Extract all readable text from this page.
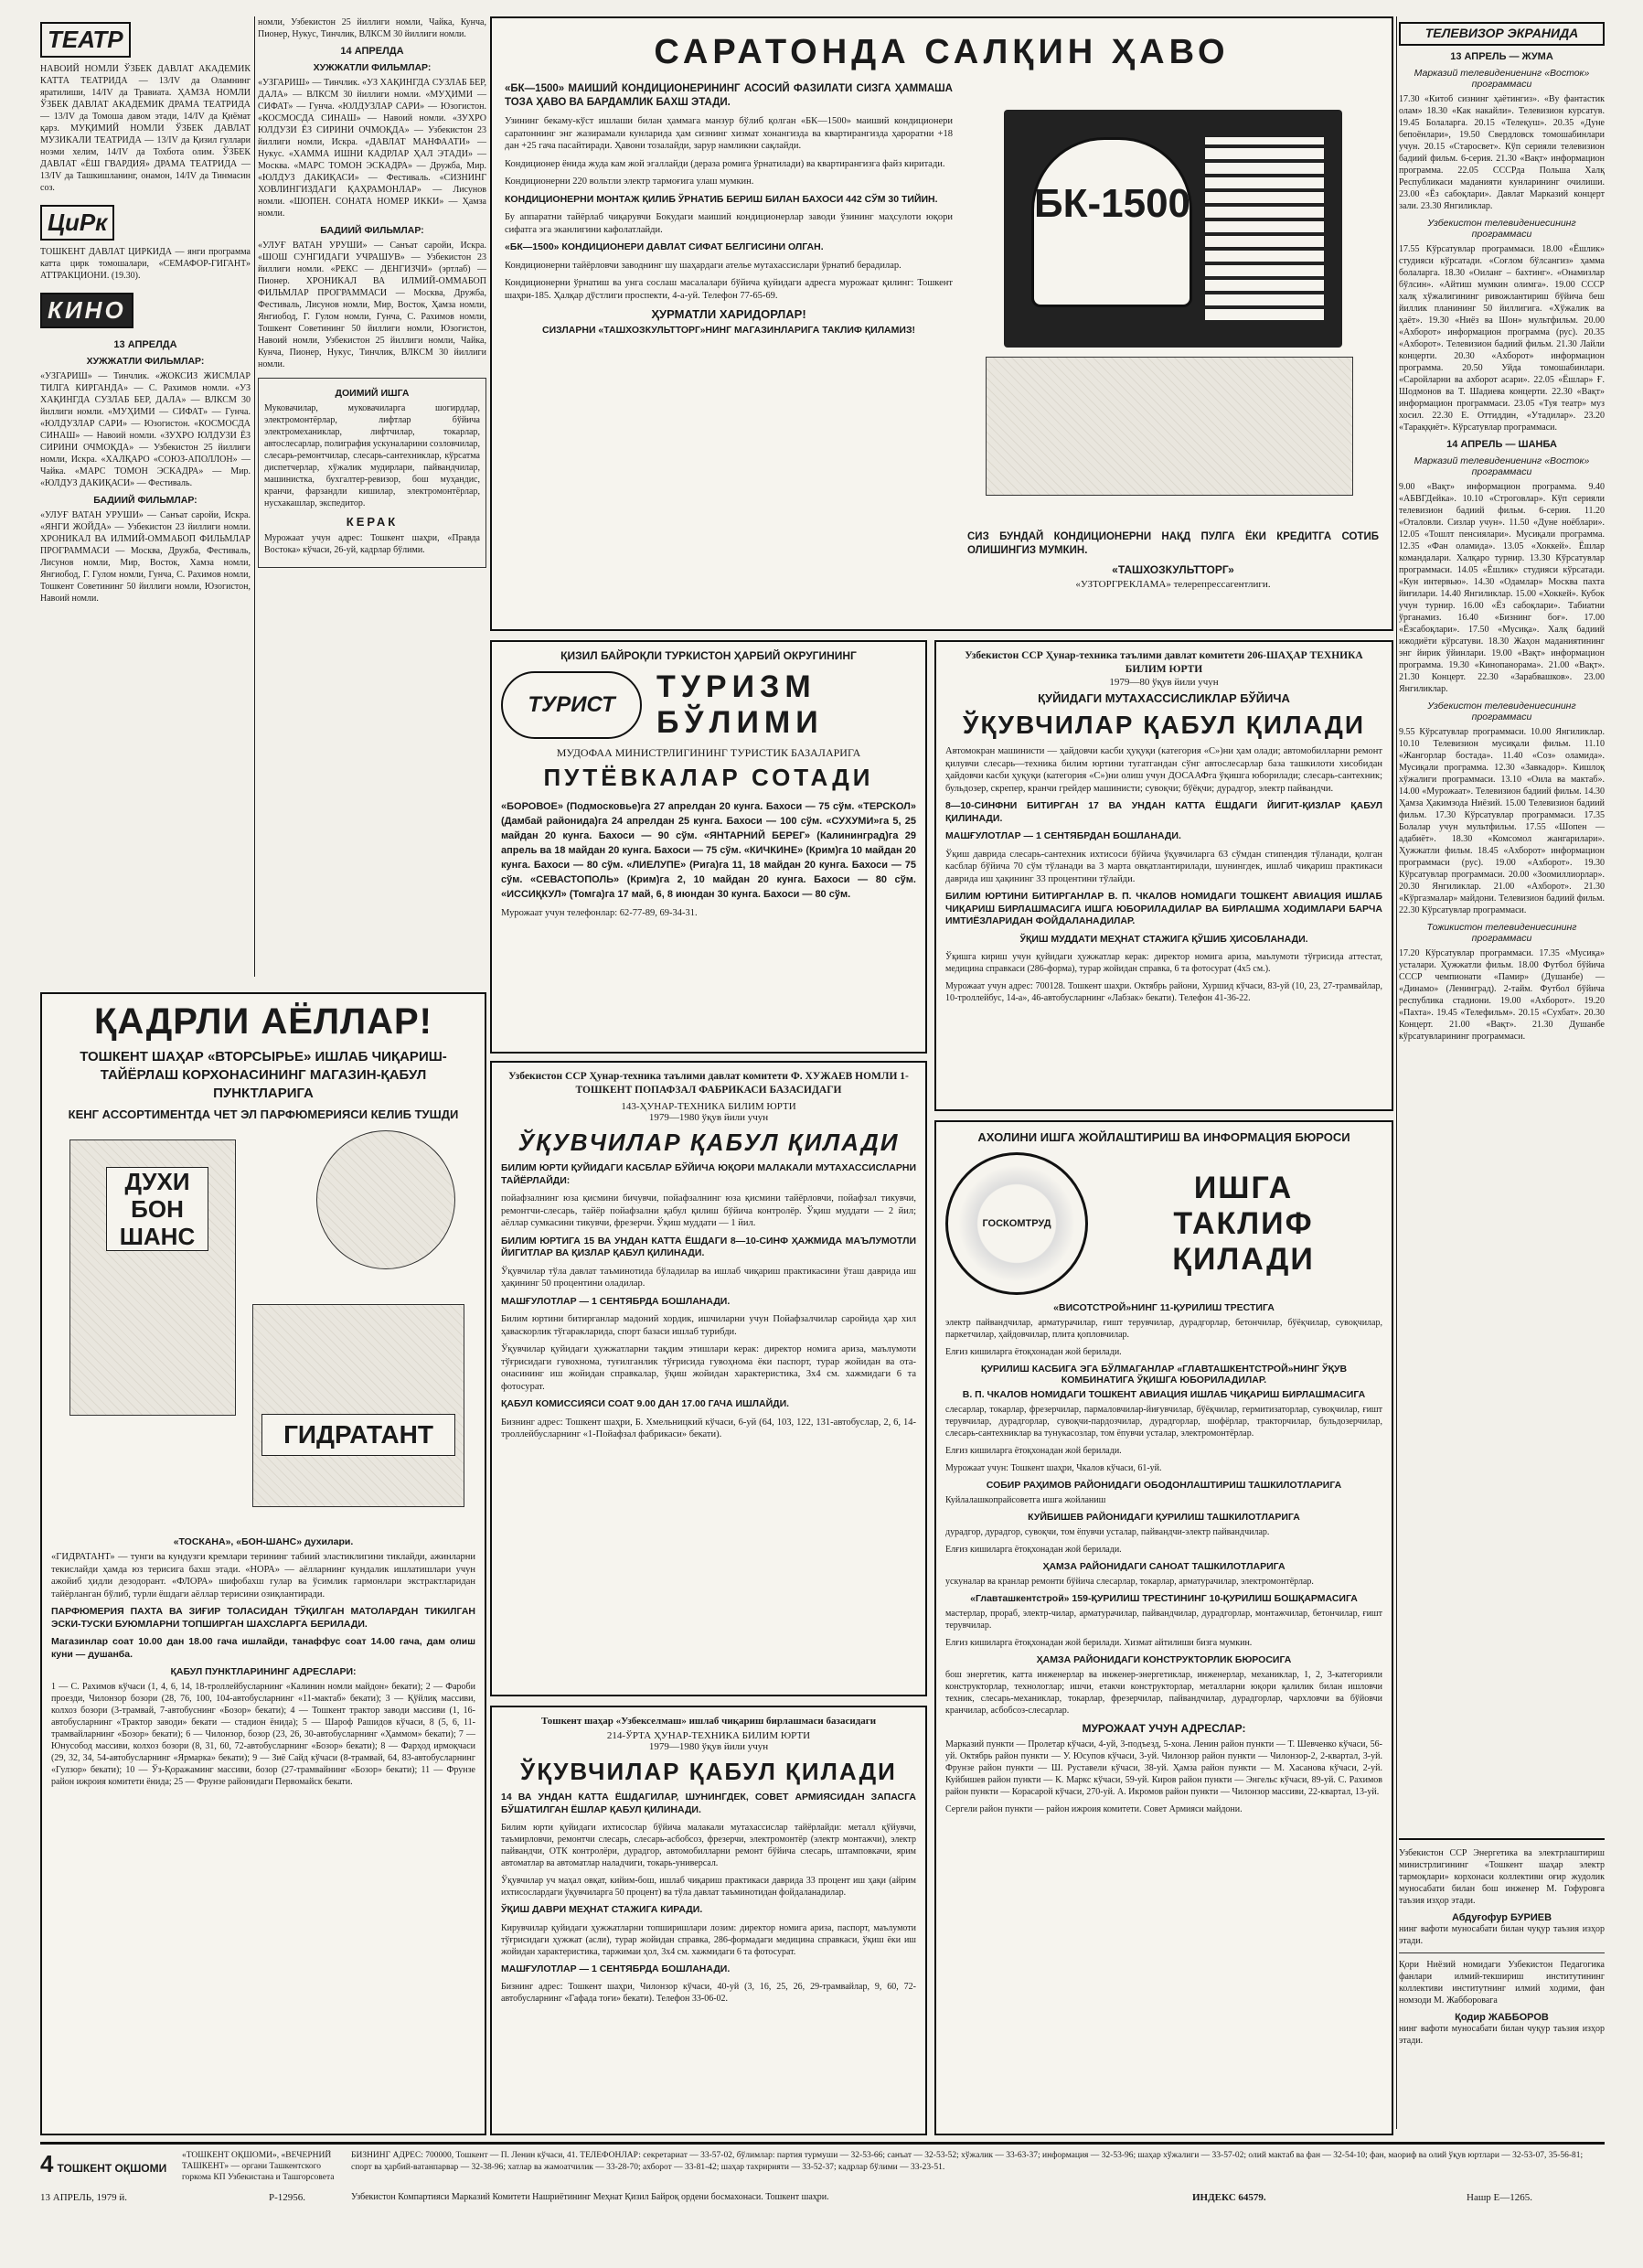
ТЕАТР

НАВОИЙ НОМЛИ ЎЗБЕК ДАВЛАТ АКАДЕМИК КАТТА ТЕАТРИДА — 13/IV да Оламнинг яратилиши, 14/IV да Травиата. ҲАМЗА НОМЛИ ЎЗБЕК ДАВЛАТ АКАДЕМИК ДРАМА ТЕАТРИДА — 13/IV да Томоша давом этади, 14/IV да Қиёмат қарз. МУҚИМИЙ НОМЛИ ЎЗБЕК ДАВЛАТ МУЗИКАЛИ ТЕАТРИДА — 13/IV да Қизил гуллари ноэми хелим, 14/IV да Тохбота олим. ЎЗБЕК ДАВЛАТ «ЁШ ГВАРДИЯ» ДРАМА ТЕАТРИДА — 13/IV да Ташкишланинг, онамон, 14/IV да Тинмасин соз.

ЦиРк

ТОШКЕНТ ДАВЛАТ ЦИРКИДА — янги программа катта цирк томошалари, «СЕМАФОР-ГИГАНТ» АТТРАКЦИОНИ. (19.30).

КИНО
13 АПРЕЛДА
ХУЖЖАТЛИ ФИЛЬМЛАР:

«УЗГАРИШ» — Тинчлик. «ЖОКСИЗ ЖИСМЛАР ТИЛГА КИРГАНДА» — С. Рахимов номли. «УЗ ХАҚИНГДА СУЗЛАБ БЕР, ДАЛА» — ВЛКСМ 30 йиллиги номли. «МУҲИМИ — СИФАТ» — Гунча. «ЮЛДУЗЛАР САРИ» — Юзогистон. «КОСМОСДА СИНАШ» — Навоий номли. «ЗУХРО ЮЛДУЗИ ЁЗ СИРИНИ ОЧМОҚДА» — Узбекистон 25 йиллиги номли, Искра. «ХАЛҚАРО «СОЮЗ-АПОЛЛОН» — Чайка. «МАРС ТОМОН ЭСКАДРА» — Мир. «ЮЛДУЗ ДАКИҚАСИ» — Фестиваль.

БАДИИЙ ФИЛЬМЛАР:

«УЛУҒ ВАТАН УРУШИ» — Санъат саройи, Искра. «ЯНГИ ЖОЙДА» — Узбекистон 23 йиллиги номли. ХРОНИКАЛ ВА ИЛМИЙ-ОММАБОП ФИЛЬМЛАР ПРОГРАММАСИ — Москва, Дружба, Фестиваль, Лисунов номли, Мир, Восток, Хамза номли, Янгиобод, Г. Гулом номли, Гунча, С. Рахимов номли, Тошкент Советининг 50 йиллиги номли, Юзогистон, Навоий номли.

номли, Узбекистон 25 йиллиги номли, Чайка, Кунча, Пионер, Нукус, Тинчлик, ВЛКСМ 30 йиллиги номли.

14 АПРЕЛДА
ХУЖЖАТЛИ ФИЛЬМЛАР:

«УЗГАРИШ» — Тинчлик. «УЗ ХАҚИНГДА СУЗЛАБ БЕР, ДАЛА» — ВЛКСМ 30 йиллиги номли. «МУҲИМИ — СИФАТ» — Гунча. «ЮЛДУЗЛАР САРИ» — Юзогистон. «КОСМОСДА СИНАШ» — Навоий номли. «ЗУХРО ЮЛДУЗИ ЁЗ СИРИНИ ОЧМОҚДА» — Узбекистон 23 йиллиги номли, Искра. «ДАВЛАТ МАНФААТИ» — Нукус. «ХАММА ИШНИ КАДРЛАР ҲАЛ ЭТАДИ» — Москва. «МАРС ТОМОН ЭСКАДРА» — Дружба, Мир. «ЮЛДУЗ ДАКИҚАСИ» — Фестиваль. «СИЗНИНГ ХОВЛИНГИЗДАГИ ҚАҲРАМОНЛАР» — Лисунов номли. «ШОПЕН. СОНАТА НОМЕР ИККИ» — Ҳамза номли.

БАДИИЙ ФИЛЬМЛАР:

«УЛУҒ ВАТАН УРУШИ» — Санъат саройи, Искра. «ШОШ СУНГИДАГИ УЧРАШУВ» — Узбекистон 23 йиллиги номли. «РЕКС — ДЕНГИЗЧИ» (эртлаб) — Пионер. ХРОНИКАЛ ВА ИЛМИЙ-ОММАБОП ФИЛЬМЛАР ПРОГРАММАСИ — Москва, Дружба, Фестиваль, Лисунов номли, Мир, Восток, Ҳамза номли, Янгиобод, Г. Гулом номли, Гунча, С. Рахимов номли, Тошкент Советининг 50 йиллиги номли, Юзогистон, Навоий номли, Узбекистон 25 йиллиги номли, Чайка, Кунча, Пионер, Нукус, Тинчлик, ВЛКСМ 30 йиллиги номли.

ДОИМИЙ ИШГА

Муковачилар, муковачиларга шогирдлар, электромонтёрлар, лифтлар бўйича электромеханиклар, лифтчилар, токарлар, автослесарлар, полиграфия ускуналарини созловчилар, слесарь-ремонтчилар, слесарь-сантехниклар, кўрсатма диспетчерлар, хўжалик мудирлари, пайвандчилар, машинистка, бухгалтер-ревизор, бош муҳандис, кранчи, фарзандли кишилар, электромонтёрлар, нусхакашлар, экспедитор.

КЕРАК

Мурожаат учун адрес: Тошкент шаҳри, «Правда Востока» кўчаси, 26-уй, кадрлар бўлими.

ҚАДРЛИ АЁЛЛАР!
ТОШКЕНТ ШАҲАР «ВТОРСЫРЬЕ» ИШЛАБ ЧИҚАРИШ-ТАЙЁРЛАШ КОРХОНАСИНИНГ МАГАЗИН-ҚАБУЛ ПУНКТЛАРИГА
КЕНГ АССОРТИМЕНТДА ЧЕТ ЭЛ ПАРФЮМЕРИЯСИ КЕЛИБ ТУШДИ
ДУХИ БОН ШАНС
ГИДРАТАНТ
«ТОСКАНА», «БОН-ШАНС» духилари.

«ГИДРАТАНТ» — тунги ва кундузги кремлари терининг табиий эластиклигини тиклайди, ажинларни текислайди ҳамда юз терисига бахш этади. «НОРА» — аёлларнинг кундалик ишлатишлари учун ажойиб ҳидли дезодорант. «ФЛОРА» шифобахш гулар ва ўсимлик гармонлари экстрактларидан тайёрланган бўлиб, турли ёшдаги аёллар терисини озиқлантиради.

ПАРФЮМЕРИЯ ПАХТА ВА ЗИҒИР ТОЛАСИДАН ТЎҚИЛГАН МАТОЛАРДАН ТИКИЛГАН ЭСКИ-ТУСКИ БУЮМЛАРНИ ТОПШИРГАН ШАХСЛАРГА БЕРИЛАДИ.

Магазинлар соат 10.00 дан 18.00 гача ишлайди, танаффус соат 14.00 гача, дам олиш куни — душанба.

ҚАБУЛ ПУНКТЛАРИНИНГ АДРЕСЛАРИ:

1 — С. Рахимов кўчаси (1, 4, 6, 14, 18-троллейбусларнинг «Калинин номли майдон» бекати); 2 — Фароби проезди, Чилонзор бозори (28, 76, 100, 104-автобусларнинг «11-мактаб» бекати); 3 — Қўйлиқ массиви, колхоз бозори (3-трамвай, 7-автобуснинг «Бозор» бекати); 4 — Тошкент трактор заводи массиви (1, 16-автобусларнинг «Трактор заводи» бекати — стадион ёнида); 5 — Шароф Рашидов кўчаси, 8 (5, 6, 11-трамвайларнинг «Бозор» бекати); 6 — Чилонзор, бозор (23, 26, 30-автобусларнинг «Ҳаммом» бекати); 7 — Юнусобод массиви, колхоз бозори (8, 31, 60, 72-автобусларнинг «Бозор» бекати); 8 — Фарҳод ирмоқчаси (29, 32, 34, 54-автобусларнинг «Ярмарка» бекати); 9 — Зиё Сайд кўчаси (8-трамвай, 64, 83-автобусларнинг «Гулзор» бекати); 10 — Ўз-Қоражаминг массиви, бозор (27-трамвайнинг «Бозор» бекати); 11 — Фрунзе район ижроия комитети ёнида; 25 — Фрунзе районидаги Первомайск бекати.

САРАТОНДА САЛҚИН ҲАВО

«БК—1500» МАИШИЙ КОНДИЦИОНЕРИНИНГ АСОСИЙ ФАЗИЛАТИ СИЗГА ҲАММАША ТОЗА ҲАВО ВА БАРДАМЛИК БАХШ ЭТАДИ.

Узининг бекаму-кўст ишлаши билан ҳаммага манзур бўлиб қолган «БК—1500» маиший кондиционери саратоннинг энг жазирамали кунларида ҳам сизнинг хизмат хонангизда ва квартирангизда ҳароратни +18 дан +25 гача пасайтиради. Ҳавони тозалайди, зарур намликни сақлайди.

Кондиционер ёнида жуда кам жой эгаллайди (дераза ромига ўрнатилади) ва квартирангизга файз киритади.

Кондиционерни 220 вольтли электр тармоғига улаш мумкин.

КОНДИЦИОНЕРНИ МОНТАЖ ҚИЛИБ ЎРНАТИБ БЕРИШ БИЛАН БАХОСИ 442 СЎМ 30 ТИЙИН.

Бу аппаратни тайёрлаб чиқарувчи Бокудаги маиший кондиционерлар заводи ўзининг маҳсулоти юқори сифатга эга эканлигини кафолатлайди.

«БК—1500» КОНДИЦИОНЕРИ ДАВЛАТ СИФАТ БЕЛГИСИНИ ОЛГАН.

Кондиционерни тайёрловчи заводнинг шу шаҳардаги ателье мутахассислари ўрнатиб берадилар.

Кондиционерни ўрнатиш ва унга сослаш масалалари бўйича қуйидаги адресга мурожаат қилинг: Тошкент шаҳри-185. Ҳалқар дўстлиги проспекти, 4-а-уй. Телефон 77-65-69.

ҲУРМАТЛИ ХАРИДОРЛАР!
СИЗЛАРНИ «ТАШХОЗКУЛЬТТОРГ»НИНГ МАГАЗИНЛАРИГА ТАКЛИФ ҚИЛАМИЗ!
БК-1500

СИЗ БУНДАЙ КОНДИЦИОНЕРНИ НАҚД ПУЛГА ЁКИ КРЕДИТГА СОТИБ ОЛИШИНГИЗ МУМКИН.

«ТАШХОЗКУЛЬТТОРГ»
«УЗТОРГРЕКЛАМА» телерепрессагентлиги.
ҚИЗИЛ БАЙРОҚЛИ ТУРКИСТОН ҲАРБИЙ ОКРУГИНИНГ
ТУРИСТ
ТУРИЗМ
БЎЛИМИ
МУДОФАА МИНИСТРЛИГИНИНГ ТУРИСТИК БАЗАЛАРИГА
ПУТЁВКАЛАР СОТАДИ

«БОРОВОЕ» (Подмосковье)га 27 апрелдан 20 кунга. Бахоси — 75 сўм. «ТЕРСКОЛ» (Дамбай районида)га 24 апрелдан 25 кунга. Бахоси — 100 сўм. «СУХУМИ»га 5, 25 майдан 20 кунга. Бахоси — 90 сўм. «ЯНТАРНИЙ БЕРЕГ» (Калининград)га 29 апрель ва 18 майдан 20 кунга. Бахоси — 75 сўм. «КИЧКИНЕ» (Крим)га 10 майдан 20 кунга. Бахоси — 80 сўм. «ЛИЕЛУПЕ» (Рига)га 11, 18 майдан 20 кунга. Бахоси — 75 сўм. «СЕВАСТОПОЛЬ» (Крим)га 2, 10 майдан 20 кунга. Бахоси — 80 сўм. «ИССИҚКУЛ» (Томга)га 17 май, 6, 8 июндан 30 кунга. Бахоси — 80 сўм.

Мурожаат учун телефонлар: 62-77-89, 69-34-31.

Узбекистон ССР Ҳунар-техника таълими давлат комитети Ф. ХУЖАЕВ НОМЛИ 1-ТОШКЕНТ ПОПАФЗАЛ ФАБРИКАСИ БАЗАСИДАГИ
143-ҲУНАР-ТЕХНИКА БИЛИМ ЮРТИ
1979—1980 ўқув йили учун
ЎҚУВЧИЛАР ҚАБУЛ ҚИЛАДИ

БИЛИМ ЮРТИ ҚУЙИДАГИ КАСБЛАР БЎЙИЧА ЮҚОРИ МАЛАКАЛИ МУТАХАССИСЛАРНИ ТАЙЁРЛАЙДИ:

пойафзалнинг юза қисмини бичувчи, пойафзалнинг юза қисмини тайёрловчи, пойафзал тикувчи, ремонтчи-слесарь, тайёр пойафзални қабул қилиш бўйича контролёр. Ўқиш муддати — 2 йил; аёллар сумкасини тикувчи, фрезерчи. Ўқиш муддати — 1 йил.

БИЛИМ ЮРТИГА 15 ВА УНДАН КАТТА ЁШДАГИ 8—10-СИНФ ҲАЖМИДА МАЪЛУМОТЛИ ЙИГИТЛАР ВА ҚИЗЛАР ҚАБУЛ ҚИЛИНАДИ.

Ўқувчилар тўла давлат таъминотида бўладилар ва ишлаб чиқариш практикасини ўташ даврида иш ҳақининг 50 процентини оладилар.

МАШҒУЛОТЛАР — 1 СЕНТЯБРДА БОШЛАНАДИ.

Билим юртини битирганлар мадоний хордик, ишчиларни учун Пойафзалчилар саройида ҳар хил ҳаваскорлик тўгаракларида, спорт базаси ишлаб турибди.

Ўқувчилар қуйидаги ҳужжатларни тақдим этишлари керак: директор номига ариза, маълумоти тўғрисидаги гувохнома, туғилганлик тўғрисида гувоҳнома ёки паспорт, турар жойидан ва ота-онасининг иш жойидан справкалар, ўқиш жойидан характеристика, 3х4 см. хажмидаги 6 та фотосурат.

ҚАБУЛ КОМИССИЯСИ СОАТ 9.00 ДАН 17.00 ГАЧА ИШЛАЙДИ.

Бизнинг адрес: Тошкент шаҳри, Б. Хмельницкий кўчаси, 6-уй (64, 103, 122, 131-автобуслар, 2, 6, 14-троллейбусларнинг «1-Пойафзал фабрикаси» бекати).

Тошкент шаҳар «Узбекселмаш» ишлаб чиқариш бирлашмаси базасидаги
214-ЎРТА ҲУНАР-ТЕХНИКА БИЛИМ ЮРТИ
1979—1980 ўқув йили учун
ЎҚУВЧИЛАР ҚАБУЛ ҚИЛАДИ

14 ВА УНДАН КАТТА ЁШДАГИЛАР, ШУНИНГДЕК, СОВЕТ АРМИЯСИДАН ЗАПАСГА БЎШАТИЛГАН ЁШЛАР ҚАБУЛ ҚИЛИНАДИ.

Билим юрти қуйидаги ихтисослар бўйича малакали мутахассислар тайёрлайди: металл қўйувчи, таъмирловчи, ремонтчи слесарь, слесарь-асбобсоз, фрезерчи, электромонтёр (электр монтажчи), электр пайвандчи, ОТК контролёри, дурадгор, автомобилларни ремонт бўйича слесарь, штамповкачи, ярим автоматлар ва автоматлар наладчиги, токарь-универсал.

Ўқувчилар уч маҳал овқат, кийим-бош, ишлаб чиқариш практикаси даврида 33 процент иш ҳақи (айрим ихтисослардаги ўқувчиларга 50 процент) ва тўла давлат таъминотидан фойдаланадилар.

ЎҚИШ ДАВРИ МЕҲНАТ СТАЖИГА КИРАДИ.

Кирувчилар қуйидаги ҳужжатларни топширишлари лозим: директор номига ариза, паспорт, маълумоти тўғрисидаги ҳужжат (асли), турар жойидан справка, 286-формадаги медицина справкаси, ўқиш ёки иш жойидан характеристика, таржимаи ҳол, 3х4 см. хажмидаги 6 та фотосурат.

МАШҒУЛОТЛАР — 1 СЕНТЯБРДА БОШЛАНАДИ.

Бизнинг адрес: Тошкент шаҳри, Чилонзор кўчаси, 40-уй (3, 16, 25, 26, 29-трамвайлар, 9, 60, 72-автобусларнинг «Гафада тоғи» бекати). Телефон 33-06-02.

Узбекистон ССР Ҳунар-техника таълими давлат комитети 206-ШАҲАР ТЕХНИКА БИЛИМ ЮРТИ
1979—80 ўқув йили учун
ҚУЙИДАГИ МУТАХАССИСЛИКЛАР БЎЙИЧА
ЎҚУВЧИЛАР ҚАБУЛ ҚИЛАДИ

Автомокран машинисти — ҳайдовчи касби ҳуқуқи (категория «С»)ни ҳам олади; автомобилларни ремонт қилувчи слесарь—техника билим юртини тугатгандан сўнг автослесарлар база ташкилоти хисобидан ҳайдовчи касби ҳуқуқи (категория «С»)ни олиш учун ДОСААФга ўқишга юборилади; слесарь-сантехник; бульдозер, скрепер, кранчи грейдер машинисти; сувоқчи; бўёқчи; дурадгор, электр пайвандчи.

8—10-СИНФНИ БИТИРГАН 17 ВА УНДАН КАТТА ЁШДАГИ ЙИГИТ-ҚИЗЛАР ҚАБУЛ ҚИЛИНАДИ.

МАШҒУЛОТЛАР — 1 СЕНТЯБРДАН БОШЛАНАДИ.

Ўқиш даврида слесарь-сантехник ихтисоси бўйича ўқувчиларга 63 сўмдан стипендия тўланади, қолган касблар бўйича 70 сўм тўланади ва 3 марта овқатлантирилади, шунингдек, ишлаб чиқариш практикаси даврида иш ҳақининг 33 процентини тўлайди.

БИЛИМ ЮРТИНИ БИТИРГАНЛАР В. П. ЧКАЛОВ НОМИДАГИ ТОШКЕНТ АВИАЦИЯ ИШЛАБ ЧИҚАРИШ БИРЛАШМАСИГА ИШГА ЮБОРИЛАДИЛАР ВА БИРЛАШМА ХОДИМЛАРИ БАРЧА ИМТИЁЗЛАРИДАН ФОЙДАЛАНАДИЛАР.

ЎҚИШ МУДДАТИ МЕҲНАТ СТАЖИГА ҚЎШИБ ҲИСОБЛАНАДИ.

Ўқишга кириш учун қуйидаги ҳужжатлар керак: директор номига ариза, маълумоти тўғрисида аттестат, медицина справкаси (286-форма), турар жойидан справка, 6 та фотосурат (4х5 см.).

Мурожаат учун адрес: 700128. Тошкент шаҳри. Октябрь райони, Хуршид кўчаси, 83-уй (10, 23, 27-трамвайлар, 10-троллейбус, 14-а», 46-автобусларнинг «Лабзак» бекати). Телефон 41-36-22.

АХОЛИНИ ИШГА ЖОЙЛАШТИРИШ ВА ИНФОРМАЦИЯ БЮРОСИ
ГОСКОМТРУД
ИШГА
ТАКЛИФ
ҚИЛАДИ
«ВИСОТСТРОЙ»НИНГ 11-ҚУРИЛИШ ТРЕСТИГА

электр пайвандчилар, арматурачилар, ғишт терувчилар, дурадгорлар, бетончилар, бўёқчилар, сувоқчилар, паркетчилар, ҳайдовчилар, плита қопловчилар.

Елғиз кишиларга ётоқхонадан жой берилади.

ҚУРИЛИШ КАСБИГА ЭГА БЎЛМАГАНЛАР «ГЛАВТАШКЕНТСТРОЙ»НИНГ ЎҚУВ КОМБИНАТИГА ЎҚИШГА ЮБОРИЛАДИЛАР.
В. П. ЧКАЛОВ НОМИДАГИ ТОШКЕНТ АВИАЦИЯ ИШЛАБ ЧИҚАРИШ БИРЛАШМАСИГА

слесарлар, токарлар, фрезерчилар, пармаловчилар-йиғувчилар, бўёқчилар, гермитизаторлар, сувоқчилар, ғишт терувчилар, дурадгорлар, сувоқчи-пардозчилар, дурадгорлар, шофёрлар, тракторчилар, бульдозерчилар, слесарь-сантехниклар ва тунукасозлар, том ёпувчи усталар, электромонтёрлар.

Елғиз кишиларга ётоқхонадан жой берилади.

Мурожаат учун: Тошкент шаҳри, Чкалов кўчаси, 61-уй.

СОБИР РАҲИМОВ РАЙОНИДАГИ ОБОДОНЛАШТИРИШ ТАШКИЛОТЛАРИГА

Куйлалашкопрайсоветга ишга жойланиш

КУЙБИШЕВ РАЙОНИДАГИ ҚУРИЛИШ ТАШКИЛОТЛАРИГА

дурадгор, дурадгор, сувоқчи, том ёпувчи усталар, пайвандчи-электр пайвандчилар.

Елғиз кишиларга ётоқхонадан жой берилади.

ҲАМЗА РАЙОНИДАГИ САНОАТ ТАШКИЛОТЛАРИГА

ускуналар ва кранлар ремонти бўйича слесарлар, токарлар, арматурачилар, электромонтёрлар.

«Главташкентстрой» 159-ҚУРИЛИШ ТРЕСТИНИНГ 10-ҚУРИЛИШ БОШҚАРМАСИГА

мастерлар, прораб, электр-чилар, арматурачилар, пайвандчилар, дурадгорлар, монтажчилар, бетончилар, ғишт терувчилар.

Елғиз кишиларга ётоқхонадан жой берилади. Хизмат айтилиши бизга мумкин.

ҲАМЗА РАЙОНИДАГИ КОНСТРУКТОРЛИК БЮРОСИГА

бош энергетик, катта инженерлар ва инженер-энергетиклар, инженерлар, механиклар, 1, 2, 3-категорияли конструкторлар, технологлар; ишчи, етакчи конструкторлар, металларни юқори қалилик билан ишловчи техник, слесарь-механиклар, токарлар, фрезерчилар, пайвандчилар, дурадгорлар, чархловчи ва бўйовчи кранчилар, асбобсоз-слесарлар.

МУРОЖААТ УЧУН АДРЕСЛАР:

Марказий пункти — Пролетар кўчаси, 4-уй, 3-подъезд, 5-хона. Ленин район пункти — Т. Шевченко кўчаси, 56-уй. Октябрь район пункти — У. Юсупов кўчаси, 3-уй. Чилонзор район пункти — Чилонзор-2, 2-квартал, 3-уй. Фрунзе район пункти — Ш. Руставели кўчаси, 38-уй. Ҳамза район пункти — М. Хасанова кўчаси, 2-уй. Куйбишев район пункти — К. Маркс кўчаси, 59-уй. Киров район пункти — Энгельс кўчаси, 89-уй. С. Рахимов район пункти — Кораcарой кўчаси, 270-уй. А. Икромов район пункти — Чилонзор массиви, 22-квартал, 13-уй.

Сергели район пункти — район ижроия комитети. Совет Армияси майдони.

ТЕЛЕВИЗОР ЭКРАНИДА
13 АПРЕЛЬ — ЖУМА
Марказий телевидениенинг «Восток» программаси

17.30 «Китоб сизнинг ҳаётингиз». «Ву фантастик олам» 18.30 «Как накайли». Телевизион курсатув. 19.45 Болаларга. 20.15 «Телеқуш». 20.35 «Дуне бепоёнлари», 19.50 Свердловск томошабинлари учун. 20.15 «Старосвет». Кўп серияли телевизион бадиий фильм. 6-серия. 21.30 «Вақт» информацион программа. 22.05 СССРда Польша Халқ Республикаси маданияти кунларининг очилиши. 23.00 «Ёз сабоқлари». Давлат Марказий концерт зали. 23.30 Янгиликлар.

Узбекистон телевидениесининг программаси

17.55 Кўрсатувлар программаси. 18.00 «Ёшлик» студияси кўрсатади. «Соғлом бўлсангиз» ҳамма болаларга. 18.30 «Оиланг – бахтинг». «Онамизлар бўлсин». «Айтиш мумкин олимга». 19.00 СССР халқ хўжалигининг ривожлантириш бўйича беш йиллик планининг 50 йиллигига. «Хўжалик ва ҳаёт». 19.30 «Ниёз ва Шон» мультфильм. 20.00 «Ахборот» информацион программа (рус). 20.35 «Ахборот». Телевизион бадиий фильм. 21.30 Лайли концерти. 20.30 «Ахборот» информацион программа. 20.50 Уйда томошабинлари. «Саройларни ва ахборот асари». 22.05 «Ёшлар» Ғ. Шодмонов ва Т. Шадиева концерти. 22.30 «Вақт» информацион программаси. 23.05 «Туя театр» муз хосил. 22.30 Е. Оттиддин, «Утадилар». 23.20 «Тараққиёт». Кўрсатувлар программаси.

14 АПРЕЛЬ — ШАНБА
Марказий телевидениенинг «Восток» программаси

9.00 «Вақт» информацион программа. 9.40 «АБВГДейка». 10.10 «Строговлар». Кўп серияли телевизион бадиий фильм. 6-серия. 11.20 «Оталовли. Сизлар учун». 11.50 «Дуне ноёблари». 12.05 «Тошлт пенсиялари». Мусиқали программа. 12.35 «Фан оламида». 13.05 «Хоккей». Ёшлар командалари. Халқаро турнир. 13.30 Кўрсатувлар программаси. 14.05 «Ёшлик» студияси кўрсатади. «Кун интервью». 14.30 «Одамлар» Москва пахта йиғилари. 14.40 Янгиликлар. 15.00 «Хоккей». Кубок учун турнир. 16.00 «Ёз сабоқлари». Табиатни ўрганамиз. 16.40 «Бизнинг боғ». 17.00 «Ёзсабоқлари». 17.50 «Мусиқа». Халқ бадиий ижодиёти кўрсатуви. 18.30 Жаҳон маданиятининг энг йирик ўйинлари. 19.00 «Вақт» информацион программа. 19.30 «Кинопанорама». 21.00 «Вақт». 21.30 Концерт. 22.30 «Зарабвашков». 23.00 Янгиликлар.

Узбекистон телевидениесининг программаси

9.55 Кўрсатувлар программаси. 10.00 Янгиликлар. 10.10 Телевизион мусиқали фильм. 11.10 «Жангорлар бостада». 11.40 «Соз» оламида». Мусиқали программа. 12.30 «Завкадор». Кишлоқ хўжалиги программаси. 13.10 «Оила ва мактаб». 14.00 «Мурожаат». Телевизион бадиий фильм. 14.30 Ҳамза Ҳакимзода Ниёзий. 15.00 Телевизион бадиий фильм. 17.30 Кўрсатувлар программаси. 17.35 Болалар учун мультфильм. 17.55 «Шопен — адабиёт». 18.30 «Комсомол жангарилари». Ҳужжатли фильм. 18.45 «Ахборот» информацион программаси (рус). 19.00 «Ахборот». 19.30 Кўрсатувлар программаси. 20.00 «Зоомиллиорлар». 20.30 Янгиликлар. 21.00 «Ахборот». 21.30 «Кўргазмалар» майдони. Телевизион бадиий фильм. 22.30 Кўрсатувлар программаси.

Тожикистон телевидениесининг программаси

17.20 Кўрсатувлар программаси. 17.35 «Мусиқа» усталари. Ҳужжатли фильм. 18.00 Футбол бўйича СССР чемпионати «Памир» (Душанбе) — «Динамо» (Ленинград). 2-тайм. Футбол бўйича республика стадиони. 19.00 «Ахборот». 19.20 «Пахта». 19.45 «Телефильм». 20.15 «Сухбат». 20.30 Концерт. 21.00 «Вақт». 21.30 Душанбе кўрсатувларининг программаси.

Узбекистон ССР Энергетика ва электрлаштириш министрлигининг «Тошкент шаҳар электр тармоқлари» корхонаси коллективи оғир жудолик муносабати билан бош инженер М. Гофуровга таъзия изҳор этади.

Абдуғофур БУРИЕВ

нинг вафоти муносабати билан чуқур таъзия изҳор этади.

Қори Ниёзий номидаги Узбекистон Педагогика фанлари илмий-текшириш институтининг коллективи институтнинг илмий ходими, фан номзоди М. Жабборовага

Қодир ЖАББОРОВ

нинг вафоти муносабати билан чуқур таъзия изҳор этади.

4 ТОШКЕНТ ОҚШОМИ
«ТОШКЕНТ ОҚШОМИ», «ВЕЧЕРНИЙ ТАШКЕНТ» — органи Ташкентского горкома КП Узбекистана и Ташгорсовета
БИЗНИНГ АДРЕС: 700000, Тошкент — П. Ленин кўчаси, 41. ТЕЛЕФОНЛАР: секретариат — 33-57-02, бўлимлар: партия турмуши — 32-53-66; санъат — 32-53-52; хўжалик — 33-63-37; информация — 32-53-96; шаҳар хўжалиги — 33-57-02; олий мактаб ва фан — 32-54-10; фан, маориф ва олий ўқув юртлари — 32-53-07, 35-56-81; спорт ва ҳарбий-ватанпарвар — 32-38-96; хатлар ва жамоатчилик — 33-28-70; ахборот — 33-81-42; шаҳар тахририяти — 33-52-37; кадрлар бўлими — 33-23-51.
13 АПРЕЛЬ, 1979 й.	Р-12956.	Узбекистон Компартияси Марказий Комитети Нашриётининг Меҳнат Қизил Байроқ ордени босмахонаси. Тошкент шаҳри.	ИНДЕКС 64579.	Нашр Е—1265.
